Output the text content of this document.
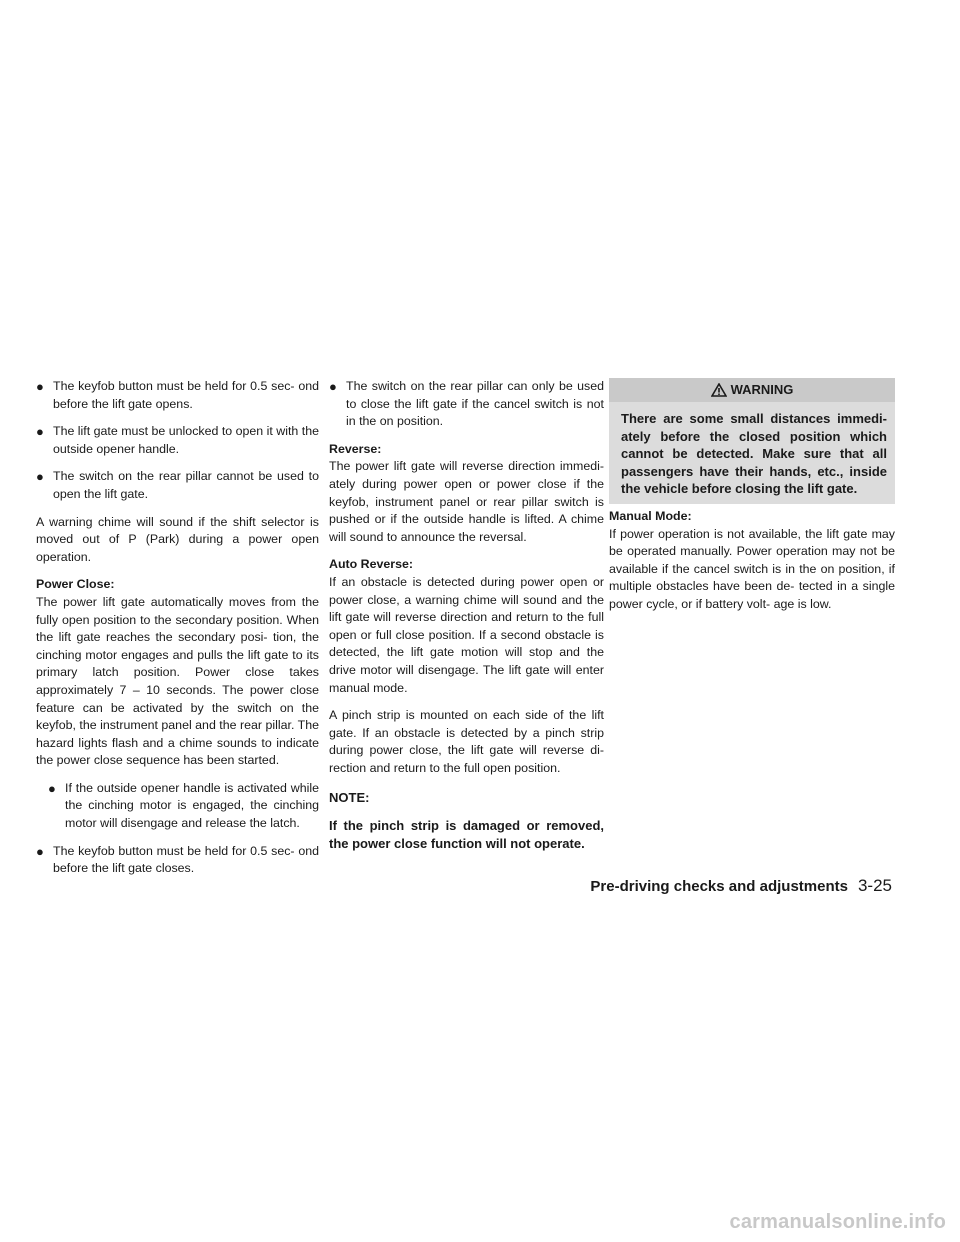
● The keyfob button must be held for 0.5 sec- ond before the lift gate opens.
● The lift gate must be unlocked to open it with the outside opener handle.
● The switch on the rear pillar cannot be used to open the lift gate.

A warning chime will sound if the shift selector is moved out of P (Park) during a power open operation.

Power Close:

The power lift gate automatically moves from the fully open position to the secondary position. When the lift gate reaches the secondary posi- tion, the cinching motor engages and pulls the lift gate to its primary latch position. Power close takes approximately 7 – 10 seconds. The power close feature can be activated by the switch on the keyfob, the instrument panel and the rear pillar. The hazard lights flash and a chime sounds to indicate the power close sequence has been started.

● If the outside opener handle is activated while the cinching motor is engaged, the cinching motor will disengage and release the latch.
● The keyfob button must be held for 0.5 sec- ond before the lift gate closes.
● The switch on the rear pillar can only be used to close the lift gate if the cancel switch is not in the on position.
Reverse:

The power lift gate will reverse direction immedi- ately during power open or power close if the keyfob, instrument panel or rear pillar switch is pushed or if the outside handle is lifted. A chime will sound to announce the reversal.

Auto Reverse:

If an obstacle is detected during power open or power close, a warning chime will sound and the lift gate will reverse direction and return to the full open or full close position. If a second obstacle is detected, the lift gate motion will stop and the drive motor will disengage. The lift gate will enter manual mode.

A pinch strip is mounted on each side of the lift gate. If an obstacle is detected by a pinch strip during power close, the lift gate will reverse di- rection and return to the full open position.

NOTE:

If the pinch strip is damaged or removed, the power close function will not operate.

WARNING
There are some small distances immedi- ately before the closed position which cannot be detected. Make sure that all passengers have their hands, etc., inside the vehicle before closing the lift gate.
Manual Mode:

If power operation is not available, the lift gate may be operated manually. Power operation may not be available if the cancel switch is in the on position, if multiple obstacles have been de- tected in a single power cycle, or if battery volt- age is low.

Pre-driving checks and adjustments 3-25
carmanualsonline.info
